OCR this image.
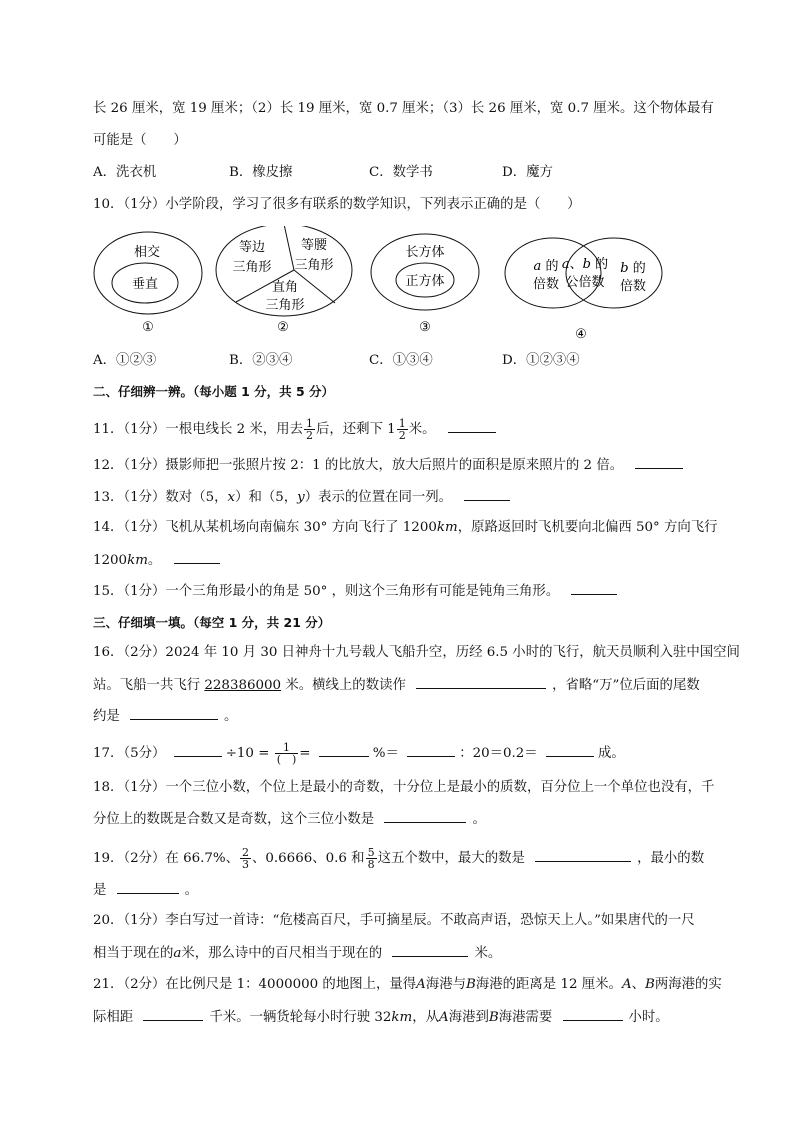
长 26 厘米，宽 19 厘米；（2）长 19 厘米，宽 0.7 厘米；（3）长 26 厘米，宽 0.7 厘米。这个物体最有
可能是（　　）
A．洗衣机	B．橡皮擦	C．数学书	D．魔方
10．（1分）小学阶段，学习了很多有联系的数学知识，下列表示正确的是（　　）
相交
垂直
①
等边
三角形
等腰
三角形
直角
三角形
②
长方体
正方体
③
a 的
倍数
a、b 的
公倍数
b 的
倍数
④
A．①②③	B．②③④	C．①③④	D．①②③④
二、仔细辨一辨。（每小题 1 分，共 5 分）
11．（1分）一根电线长 2 米，用去 $\frac{1}{2}$ 后，还剩下 $1 \frac{1}{2}$ 米。
12．（1分）摄影师把一张照片按 2：1 的比放大，放大后照片的面积是原来照片的 2 倍。
13．（1分）数对（5，x）和（5，y）表示的位置在同一列。
14．（1分）飞机从某机场向南偏东 30° 方向飞行了 1200km，原路返回时飞机要向北偏西 50° 方向飞行
1200km。
15．（1分）一个三角形最小的角是 50° ，则这个三角形有可能是钝角三角形。
三、仔细填一填。（每空 1 分，共 21 分）
16．（2分）2024 年 10 月 30 日神舟十九号载人飞船升空，历经 6.5 小时的飞行，航天员顺利入驻中国空间
站。飞船一共飞行 228386000 米。横线上的数读作	，省略“万”位后面的尾数
约是	。
17．（5分）	$\div 10 = \frac{1}{( )}$ =	%＝	：20＝0.2＝	成。
18．（1分）一个三位小数，个位上是最小的奇数，十分位上是最小的质数，百分位上一个单位也没有，千
分位上的数既是合数又是奇数，这个三位小数是	。
19．（2分）在 66.7%、 $\frac{2}{3}$ 、0.6666、0.6 和 $\frac{5}{8}$ 这五个数中，最大的数是	，最小的数
是	。
20．（1分）李白写过一首诗：“危楼高百尺，手可摘星辰。不敢高声语，恐惊天上人。”如果唐代的一尺
相当于现在的a米，那么诗中的百尺相当于现在的	米。
21．（2分）在比例尺是 1：4000000 的地图上，量得A海港与B海港的距离是 12 厘米。A、B两海港的实
际相距	千米。一辆货轮每小时行驶 32km，从A海港到B海港需要	小时。
